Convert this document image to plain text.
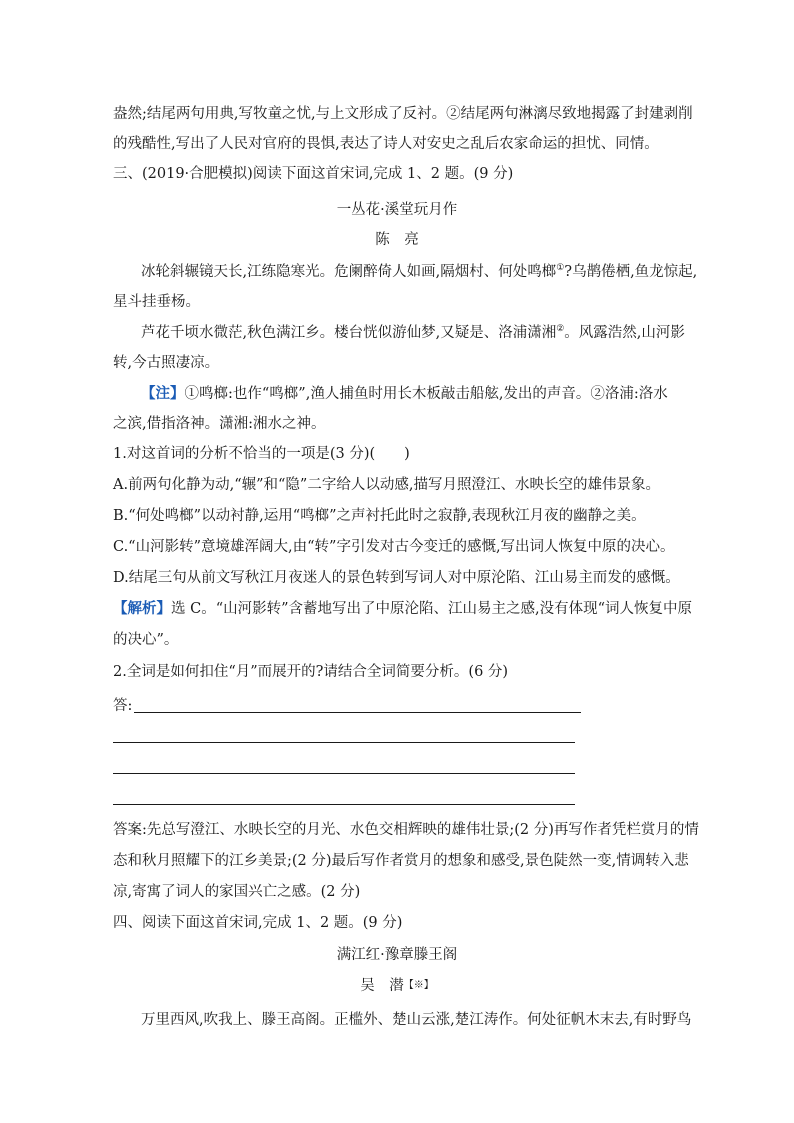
盎然;结尾两句用典,写牧童之忧,与上文形成了反衬。②结尾两句淋漓尽致地揭露了封建剥削
的残酷性,写出了人民对官府的畏惧,表达了诗人对安史之乱后农家命运的担忧、同情。
三、(2019·合肥模拟)阅读下面这首宋词,完成 1、2 题。(9 分)
一丛花·溪堂玩月作
陈　亮
冰轮斜辗镜天长,江练隐寒光。危阑醉倚人如画,隔烟村、何处鸣榔①?乌鹊倦栖,鱼龙惊起,
星斗挂垂杨。
芦花千顷水微茫,秋色满江乡。楼台恍似游仙梦,又疑是、洛浦潇湘②。风露浩然,山河影
转,今古照凄凉。
【注】①鸣榔:也作“鸣榔”,渔人捕鱼时用长木板敲击船舷,发出的声音。②洛浦:洛水
之滨,借指洛神。潇湘:湘水之神。
1.对这首词的分析不恰当的一项是(3 分)(　　)
A.前两句化静为动,“辗”和“隐”二字给人以动感,描写月照澄江、水映长空的雄伟景象。
B.“何处鸣榔”以动衬静,运用“鸣榔”之声衬托此时之寂静,表现秋江月夜的幽静之美。
C.“山河影转”意境雄浑阔大,由“转”字引发对古今变迁的感慨,写出词人恢复中原的决心。
D.结尾三句从前文写秋江月夜迷人的景色转到写词人对中原沦陷、江山易主而发的感慨。
【解析】选 C。“山河影转”含蓄地写出了中原沦陷、江山易主之感,没有体现“词人恢复中原
的决心”。
2.全词是如何扣住“月”而展开的?请结合全词简要分析。(6 分)
答:
答案:先总写澄江、水映长空的月光、水色交相辉映的雄伟壮景;(2 分)再写作者凭栏赏月的情
态和秋月照耀下的江乡美景;(2 分)最后写作者赏月的想象和感受,景色陡然一变,情调转入悲
凉,寄寓了词人的家国兴亡之感。(2 分)
四、阅读下面这首宋词,完成 1、2 题。(9 分)
满江红·豫章滕王阁
吴　潜【※】
万里西风,吹我上、滕王高阁。正槛外、楚山云涨,楚江涛作。何处征帆木末去,有时野鸟
